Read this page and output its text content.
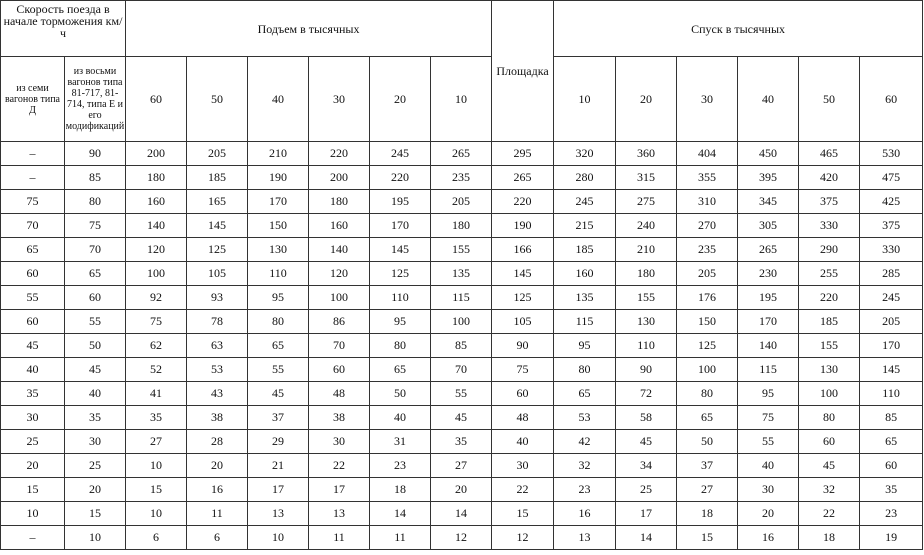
Скорость поезда в начале торможения км/ч		Подъем в тысячных						Площадка	Спуск в тысячных					
из семи вагонов типа Д	из восьми вагонов типа 81-717, 81-714, типа Е и его модификаций	60	50	40	30	20	10		10	20	30	40	50	60
–	90	200	205	210	220	245	265	295	320	360	404	450	465	530
–	85	180	185	190	200	220	235	265	280	315	355	395	420	475
75	80	160	165	170	180	195	205	220	245	275	310	345	375	425
70	75	140	145	150	160	170	180	190	215	240	270	305	330	375
65	70	120	125	130	140	145	155	166	185	210	235	265	290	330
60	65	100	105	110	120	125	135	145	160	180	205	230	255	285
55	60	92	93	95	100	110	115	125	135	155	176	195	220	245
60	55	75	78	80	86	95	100	105	115	130	150	170	185	205
45	50	62	63	65	70	80	85	90	95	110	125	140	155	170
40	45	52	53	55	60	65	70	75	80	90	100	115	130	145
35	40	41	43	45	48	50	55	60	65	72	80	95	100	110
30	35	35	38	37	38	40	45	48	53	58	65	75	80	85
25	30	27	28	29	30	31	35	40	42	45	50	55	60	65
20	25	10	20	21	22	23	27	30	32	34	37	40	45	60
15	20	15	16	17	17	18	20	22	23	25	27	30	32	35
10	15	10	11	13	13	14	14	15	16	17	18	20	22	23
–	10	6	6	10	11	11	12	12	13	14	15	16	18	19
